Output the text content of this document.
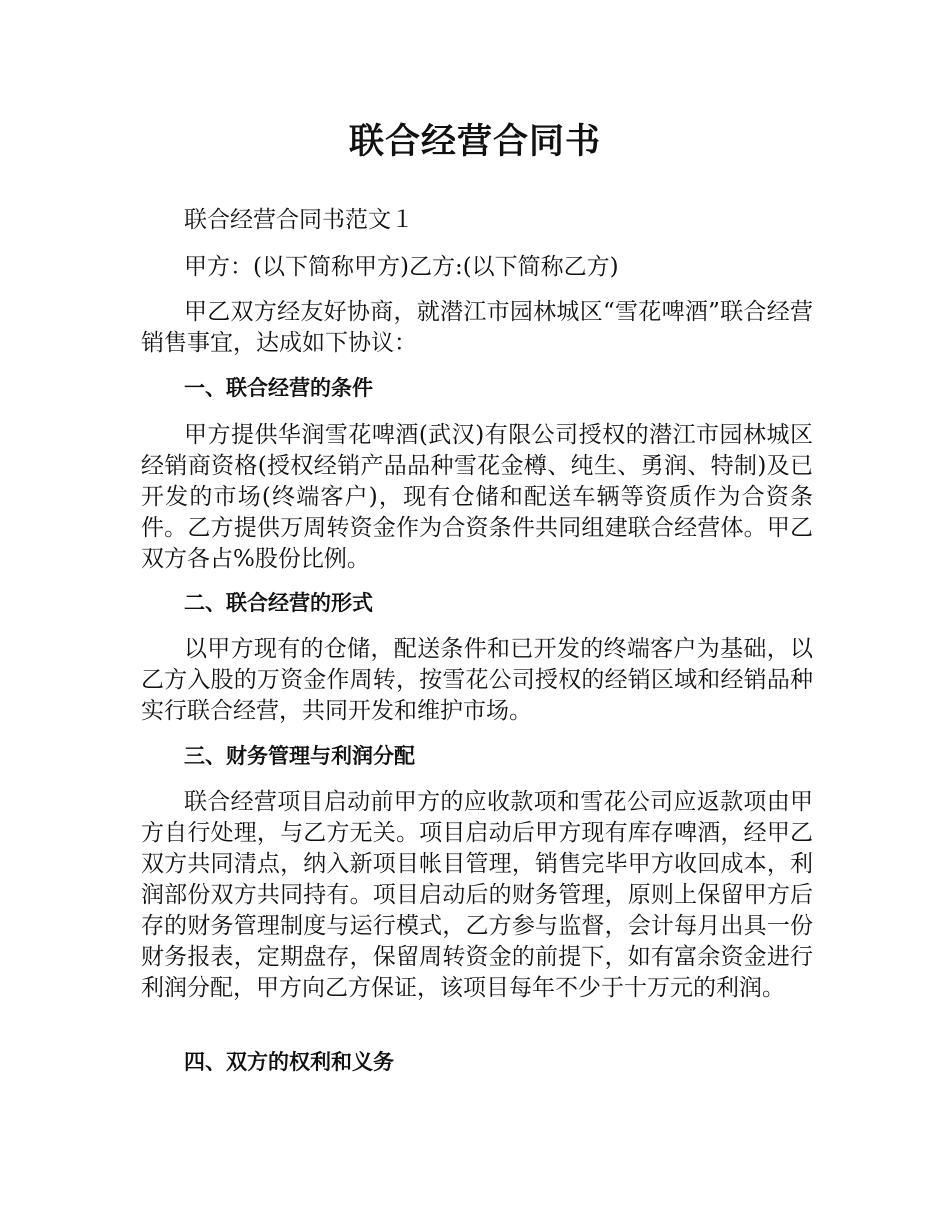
联合经营合同书

联合经营合同书范文１

甲方：(以下简称甲方)乙方:(以下简称乙方)

甲乙双方经友好协商，就潜江市园林城区“雪花啤酒”联合经营销售事宜，达成如下协议：

一、联合经营的条件

甲方提供华润雪花啤酒(武汉)有限公司授权的潜江市园林城区经销商资格(授权经销产品品种雪花金樽、纯生、勇润、特制)及已开发的市场(终端客户)，现有仓储和配送车辆等资质作为合资条件。乙方提供万周转资金作为合资条件共同组建联合经营体。甲乙双方各占%股份比例。

二、联合经营的形式

以甲方现有的仓储，配送条件和已开发的终端客户为基础，以乙方入股的万资金作周转，按雪花公司授权的经销区域和经销品种实行联合经营，共同开发和维护市场。

三、财务管理与利润分配

联合经营项目启动前甲方的应收款项和雪花公司应返款项由甲方自行处理，与乙方无关。项目启动后甲方现有库存啤酒，经甲乙双方共同清点，纳入新项目帐目管理，销售完毕甲方收回成本，利润部份双方共同持有。项目启动后的财务管理，原则上保留甲方后存的财务管理制度与运行模式，乙方参与监督，会计每月出具一份财务报表，定期盘存，保留周转资金的前提下，如有富余资金进行利润分配，甲方向乙方保证，该项目每年不少于十万元的利润。

四、双方的权利和义务
